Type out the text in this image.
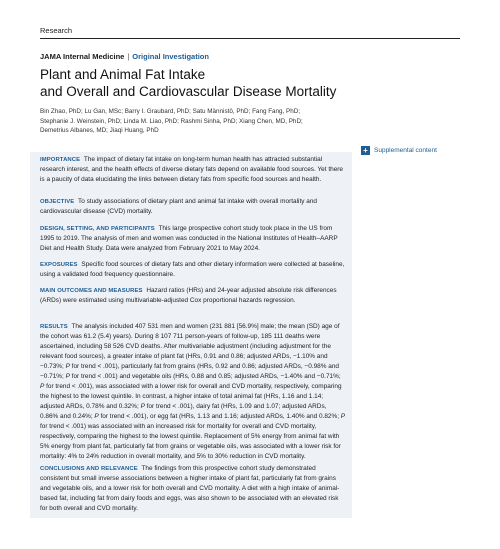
Research
JAMA Internal Medicine | Original Investigation
Plant and Animal Fat Intake
and Overall and Cardiovascular Disease Mortality
Bin Zhao, PhD; Lu Gan, MSc; Barry I. Graubard, PhD; Satu Männistö, PhD; Fang Fang, PhD;
Stephanie J. Weinstein, PhD; Linda M. Liao, PhD; Rashmi Sinha, PhD; Xiang Chen, MD, PhD;
Demetrius Albanes, MD; Jiaqi Huang, PhD
+ Supplemental content

IMPORTANCE The impact of dietary fat intake on long-term human health has attracted substantial research interest, and the health effects of diverse dietary fats depend on available food sources. Yet there is a paucity of data elucidating the links between dietary fats from specific food sources and health.

OBJECTIVE To study associations of dietary plant and animal fat intake with overall mortality and cardiovascular disease (CVD) mortality.

DESIGN, SETTING, AND PARTICIPANTS This large prospective cohort study took place in the US from 1995 to 2019. The analysis of men and women was conducted in the National Institutes of Health–AARP Diet and Health Study. Data were analyzed from February 2021 to May 2024.

EXPOSURES Specific food sources of dietary fats and other dietary information were collected at baseline, using a validated food frequency questionnaire.

MAIN OUTCOMES AND MEASURES Hazard ratios (HRs) and 24-year adjusted absolute risk differences (ARDs) were estimated using multivariable-adjusted Cox proportional hazards regression.

RESULTS The analysis included 407 531 men and women (231 881 [56.9%] male; the mean (SD) age of the cohort was 61.2 (5.4) years). During 8 107 711 person-years of follow-up, 185 111 deaths were ascertained, including 58 526 CVD deaths. After multivariable adjustment (including adjustment for the relevant food sources), a greater intake of plant fat (HRs, 0.91 and 0.86; adjusted ARDs, −1.10% and −0.73%; P for trend < .001), particularly fat from grains (HRs, 0.92 and 0.86; adjusted ARDs, −0.98% and −0.71%; P for trend < .001) and vegetable oils (HRs, 0.88 and 0.85; adjusted ARDs, −1.40% and −0.71%; P for trend < .001), was associated with a lower risk for overall and CVD mortality, respectively, comparing the highest to the lowest quintile. In contrast, a higher intake of total animal fat (HRs, 1.16 and 1.14; adjusted ARDs, 0.78% and 0.32%; P for trend < .001), dairy fat (HRs, 1.09 and 1.07; adjusted ARDs, 0.86% and 0.24%; P for trend < .001), or egg fat (HRs, 1.13 and 1.16; adjusted ARDs, 1.40% and 0.82%; P for trend < .001) was associated with an increased risk for mortality for overall and CVD mortality, respectively, comparing the highest to the lowest quintile. Replacement of 5% energy from animal fat with 5% energy from plant fat, particularly fat from grains or vegetable oils, was associated with a lower risk for mortality: 4% to 24% reduction in overall mortality, and 5% to 30% reduction in CVD mortality.

CONCLUSIONS AND RELEVANCE The findings from this prospective cohort study demonstrated consistent but small inverse associations between a higher intake of plant fat, particularly fat from grains and vegetable oils, and a lower risk for both overall and CVD mortality. A diet with a high intake of animal-based fat, including fat from dairy foods and eggs, was also shown to be associated with an elevated risk for both overall and CVD mortality.
